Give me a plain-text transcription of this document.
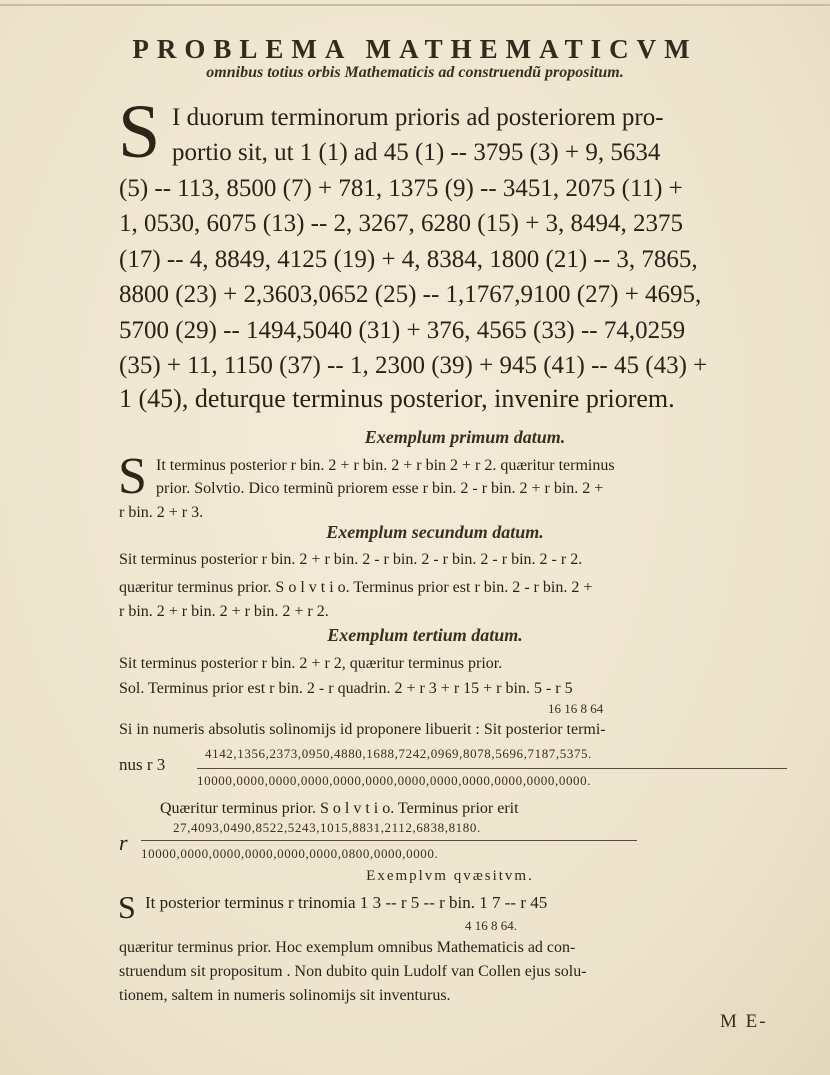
PROBLEMA MATHEMATICVM
omnibus totius orbis Mathematicis ad construendũ propositum.
S I duorum terminorum prioris ad posteriorem pro-
portio sit, ut 1 (1) ad 45 (1) -- 3795 (3) + 9, 5634
(5) -- 113, 8500 (7) + 781, 1375 (9) -- 3451, 2075 (11) +
1, 0530, 6075 (13) -- 2, 3267, 6280 (15) + 3, 8494, 2375
(17) -- 4, 8849, 4125 (19) + 4, 8384, 1800 (21) -- 3, 7865,
8800 (23) + 2,3603,0652 (25) -- 1,1767,9100 (27) + 4695,
5700 (29) -- 1494,5040 (31) + 376, 4565 (33) -- 74,0259
(35) + 11, 1150 (37) -- 1, 2300 (39) + 945 (41) -- 45 (43) +
1 (45), deturque terminus posterior, invenire priorem.
Exemplum primum datum.
S It terminus posterior r bin. 2 + r bin. 2 + r bin 2 + r 2. quæritur terminus
prior. Solvtio. Dico terminũ priorem esse r bin. 2 - r bin. 2 + r bin. 2 +
r bin. 2 + r 3.
Exemplum secundum datum.
Sit terminus posterior r bin. 2 + r bin. 2 - r bin. 2 - r bin. 2 - r bin. 2 - r 2.
quæritur terminus prior. S o l v t i o. Terminus prior est r bin. 2 - r bin. 2 +
r bin. 2 + r bin. 2 + r bin. 2 + r 2.
Exemplum tertium datum.
Sit terminus posterior r bin. 2 + r 2, quæritur terminus prior.
Sol. Terminus prior est r bin. 2 - r quadrin. 2 + r 3 + r 15 + r bin. 5 - r 5
16 16 8 64
Si in numeris absolutis solinomijs id proponere libuerit : Sit posterior termi-
nus r 3
4142,1356,2373,0950,4880,1688,7242,0969,8078,5696,7187,5375.
10000,0000,0000,0000,0000,0000,0000,0000,0000,0000,0000,0000.
Quæritur terminus prior. S o l v t i o. Terminus prior erit
r
27,4093,0490,8522,5243,1015,8831,2112,6838,8180.
10000,0000,0000,0000,0000,0000,0800,0000,0000.
Exemplvm qvæsitvm.
S It posterior terminus r trinomia 1 3 -- r 5 -- r bin. 1 7 -- r 45
4 16 8 64.
quæritur terminus prior. Hoc exemplum omnibus Mathematicis ad con-
struendum sit propositum . Non dubito quin Ludolf van Collen ejus solu-
tionem, saltem in numeris solinomijs sit inventurus.
M E-
